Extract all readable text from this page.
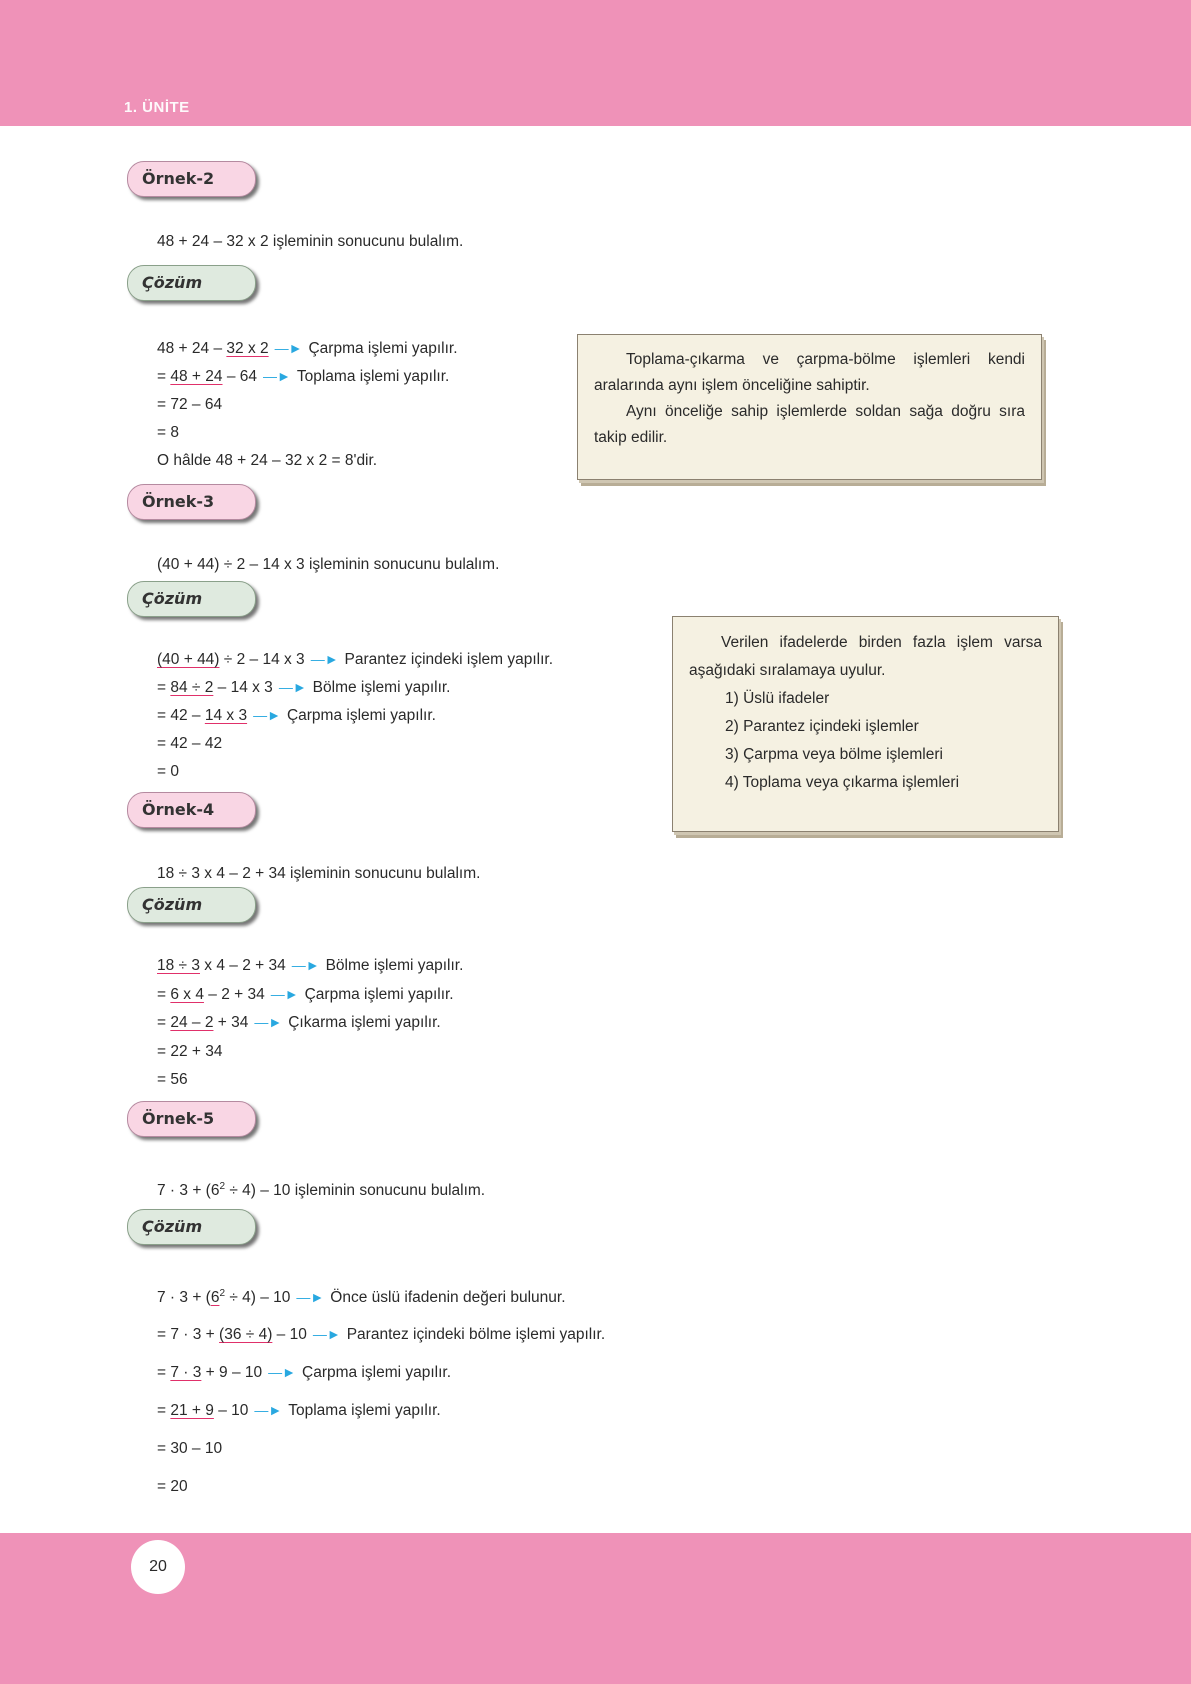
1. ÜNİTE
Örnek-2
48 + 24 – 32 x 2 işleminin sonucunu bulalım.
Çözüm
48 + 24 – 32 x 2 —► Çarpma işlemi yapılır.
= 48 + 24 – 64 —► Toplama işlemi yapılır.
= 72 – 64
= 8
O hâlde 48 + 24 – 32 x 2 = 8'dir.
Örnek-3
(40 + 44) ÷ 2 – 14 x 3 işleminin sonucunu bulalım.
Çözüm
(40 + 44) ÷ 2 – 14 x 3 —► Parantez içindeki işlem yapılır.
= 84 ÷ 2 – 14 x 3 —► Bölme işlemi yapılır.
= 42 – 14 x 3 —► Çarpma işlemi yapılır.
= 42 – 42
= 0
Örnek-4
18 ÷ 3 x 4 – 2 + 34 işleminin sonucunu bulalım.
Çözüm
18 ÷ 3 x 4 – 2 + 34 —► Bölme işlemi yapılır.
= 6 x 4 – 2 + 34 —► Çarpma işlemi yapılır.
= 24 – 2 + 34 —► Çıkarma işlemi yapılır.
= 22 + 34
= 56
Örnek-5
$7 \cdot 3 + (6^2 \div 4) - 10$ işleminin sonucunu bulalım.
Çözüm
$7 \cdot 3 + (6^2 \div 4) - 10$ —► Önce üslü ifadenin değeri bulunur.
= 7 · 3 + (36 ÷ 4) – 10 —► Parantez içindeki bölme işlemi yapılır.
= 7 · 3 + 9 – 10 —► Çarpma işlemi yapılır.
= 21 + 9 – 10 —► Toplama işlemi yapılır.
= 30 – 10
= 20

Toplama-çıkarma ve çarpma-bölme işlemleri kendi aralarında aynı işlem önceliğine sahiptir.

Aynı önceliğe sahip işlemlerde soldan sağa doğru sıra takip edilir.

Verilen ifadelerde birden fazla işlem varsa aşağıdaki sıralamaya uyulur.

1) Üslü ifadeler
2) Parantez içindeki işlemler
3) Çarpma veya bölme işlemleri
4) Toplama veya çıkarma işlemleri
20
